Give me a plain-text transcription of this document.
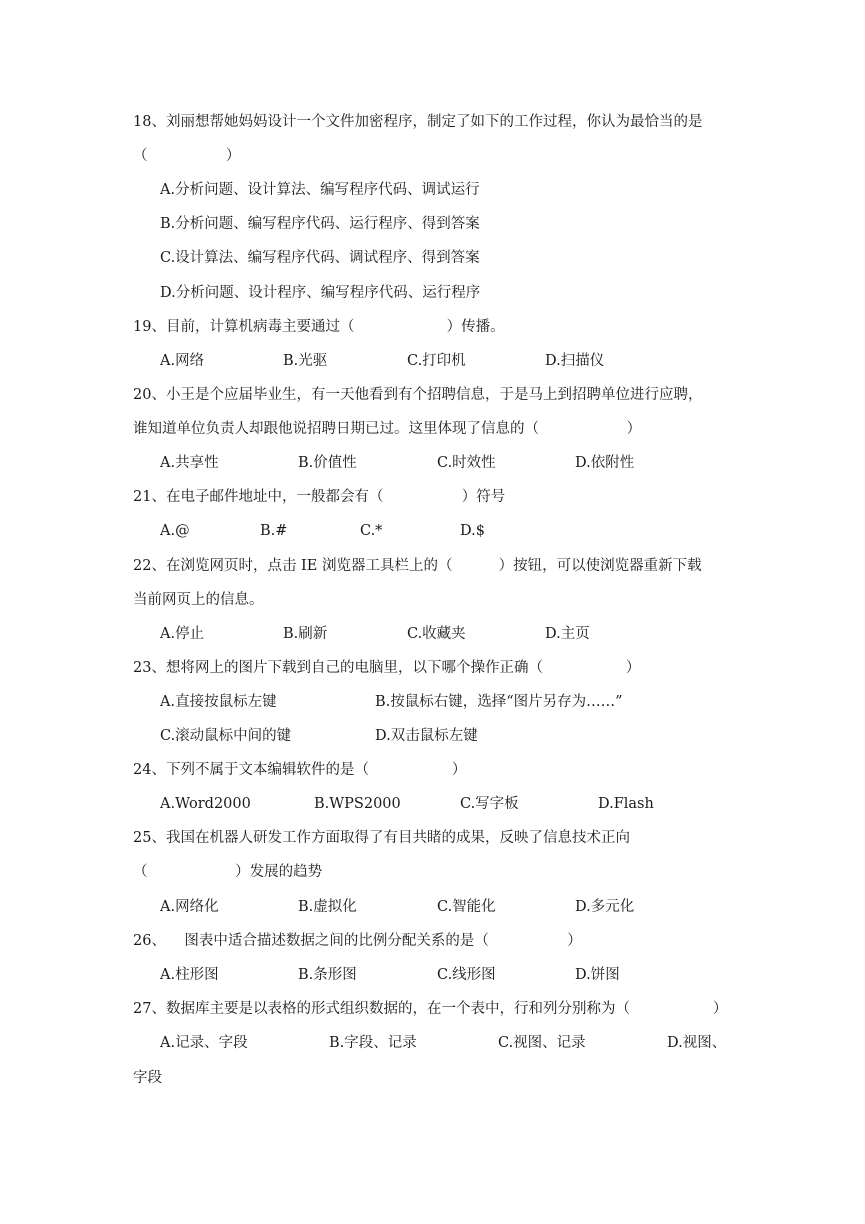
18、刘丽想帮她妈妈设计一个文件加密程序，制定了如下的工作过程，你认为最恰当的是
（                 ）
A.分析问题、设计算法、编写程序代码、调试运行
B.分析问题、编写程序代码、运行程序、得到答案
C.设计算法、编写程序代码、调试程序、得到答案
D.分析问题、设计程序、编写程序代码、运行程序
19、目前，计算机病毒主要通过（                    ）传播。
A.网络	B.光驱	C.打印机	D.扫描仪
20、小王是个应届毕业生，有一天他看到有个招聘信息，于是马上到招聘单位进行应聘，
谁知道单位负责人却跟他说招聘日期已过。这里体现了信息的（                   ）
A.共享性	B.价值性	C.时效性	D.依附性
21、在电子邮件地址中，一般都会有（                 ）符号
A.@	B.#	C.*	D.$
22、在浏览网页时，点击 IE 浏览器工具栏上的（          ）按钮，可以使浏览器重新下载
当前网页上的信息。
A.停止	B.刷新	C.收藏夹	D.主页
23、想将网上的图片下载到自己的电脑里，以下哪个操作正确（                  ）
A.直接按鼠标左键	B.按鼠标右键，选择“图片另存为……”
C.滚动鼠标中间的键	D.双击鼠标左键
24、下列不属于文本编辑软件的是（                  ）
A.Word2000	B.WPS2000	C.写字板	D.Flash
25、我国在机器人研发工作方面取得了有目共睹的成果，反映了信息技术正向
（                   ）发展的趋势
A.网络化	B.虚拟化	C.智能化	D.多元化
26、    图表中适合描述数据之间的比例分配关系的是（                 ）
A.柱形图	B.条形图	C.线形图	D.饼图
27、数据库主要是以表格的形式组织数据的，在一个表中，行和列分别称为（                  ）
A.记录、字段	B.字段、记录	C.视图、记录	D.视图、
字段
